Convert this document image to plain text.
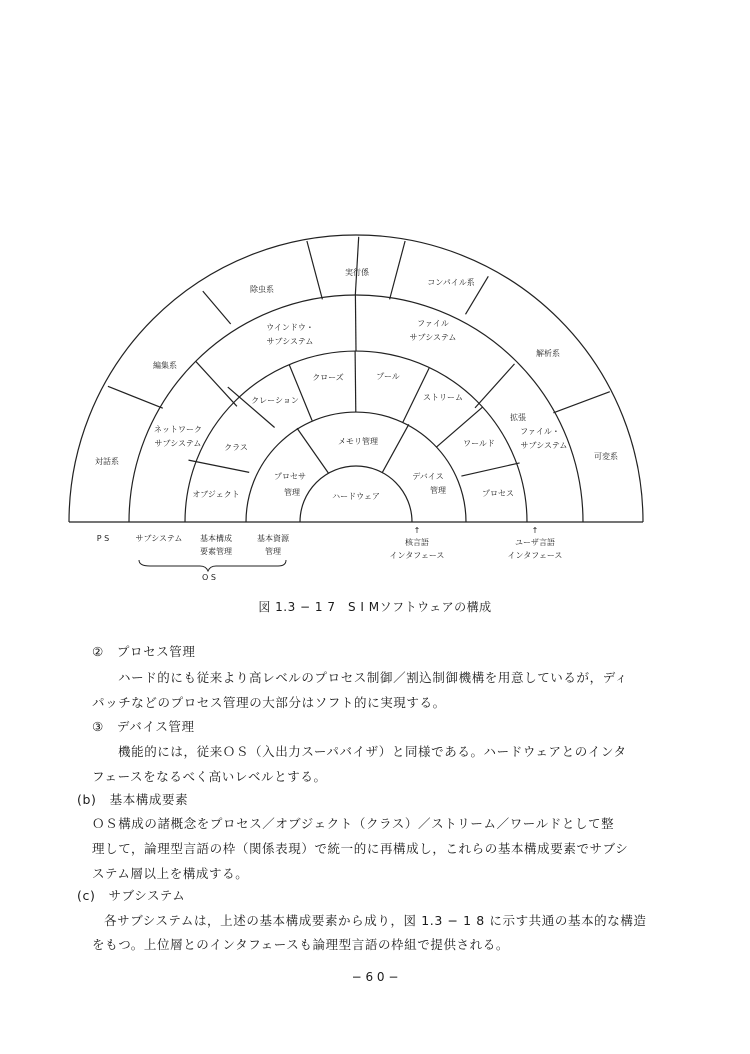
対話系
編集系
除虫系
実行係
コンパイル系
解析系
可変系
ネットワーク
サブシステム
ウインドウ・
サブシステム
ファイル
サブシステム
拡張
ファイル・
サブシステム
オブジェクト
クラス
クレーション
クローズ	プール
ストリーム
ワールド
プロセス
プロセサ
管理
メモリ管理
デバイス
管理
ハードウェア
P S	サブシステム 基本構成
要素管理
基本資源
管理
O S
↑
核言語
インタフェース
↑
ユーザ言語
インタフェース
図 1.3 − 1 7　S I Mソフトウェアの構成
②　プロセス管理
ハード的にも従来より高レベルのプロセス制御／割込制御機構を用意しているが，ディ
パッチなどのプロセス管理の大部分はソフト的に実現する。
③　デバイス管理
機能的には，従来ＯＳ（入出力スーパバイザ）と同様である。ハードウェアとのインタ
フェースをなるべく高いレベルとする。
(b)　基本構成要素
ＯＳ構成の諸概念をプロセス／オブジェクト（クラス）／ストリーム／ワールドとして整
理して，論理型言語の枠（関係表現）で統一的に再構成し，これらの基本構成要素でサブシ
ステム層以上を構成する。
(c)　サブシステム
各サブシステムは，上述の基本構成要素から成り，図 1.3 − 1 8 に示す共通の基本的な構造
をもつ。上位層とのインタフェースも論理型言語の枠組で提供される。
− 6 0 −
